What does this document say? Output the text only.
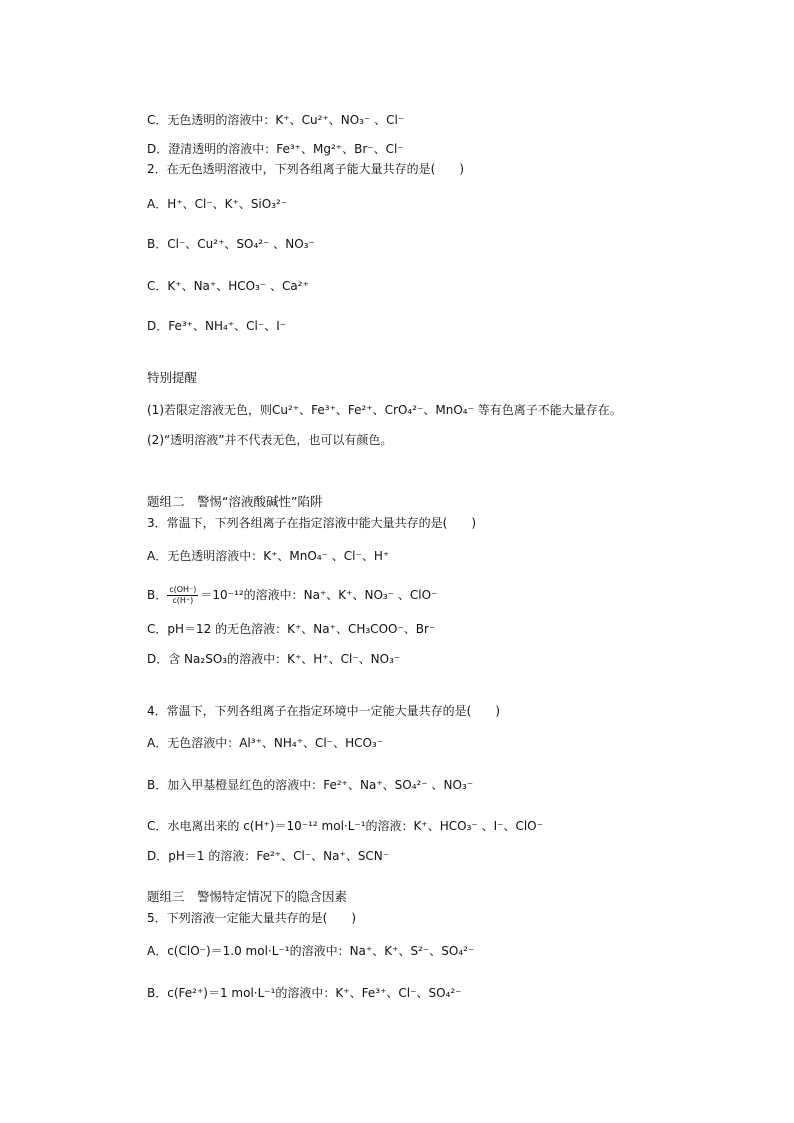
C．无色透明的溶液中：K⁺、Cu²⁺、NO₃⁻ 、Cl⁻
D．澄清透明的溶液中：Fe³⁺、Mg²⁺、Br⁻、Cl⁻
2．在无色透明溶液中，下列各组离子能大量共存的是(　　)
A．H⁺、Cl⁻、K⁺、SiO₃²⁻
B．Cl⁻、Cu²⁺、SO₄²⁻ 、NO₃⁻
C．K⁺、Na⁺、HCO₃⁻ 、Ca²⁺
D．Fe³⁺、NH₄⁺、Cl⁻、I⁻
特别提醒
(1)若限定溶液无色，则Cu²⁺、Fe³⁺、Fe²⁺、CrO₄²⁻、MnO₄⁻ 等有色离子不能大量存在。
(2)“透明溶液”并不代表无色，也可以有颜色。
题组二　警惕“溶液酸碱性”陷阱
3．常温下，下列各组离子在指定溶液中能大量共存的是(　　)
A．无色透明溶液中：K⁺、MnO₄⁻ 、Cl⁻、H⁺
B． $\frac{c(OH^-)}{c(H^+)} =10^{-12}$的溶液中：Na⁺、K⁺、NO₃⁻ 、ClO⁻
C．pH＝12 的无色溶液：K⁺、Na⁺、CH₃COO⁻、Br⁻
D．含 Na₂SO₃的溶液中：K⁺、H⁺、Cl⁻、NO₃⁻
4．常温下，下列各组离子在指定环境中一定能大量共存的是(　　)
A．无色溶液中：Al³⁺、NH₄⁺、Cl⁻、HCO₃⁻
B．加入甲基橙显红色的溶液中：Fe²⁺、Na⁺、SO₄²⁻ 、NO₃⁻
C．水电离出来的 c(H⁺)＝10⁻¹² mol·L⁻¹的溶液：K⁺、HCO₃⁻ 、I⁻、ClO⁻
D．pH＝1 的溶液：Fe²⁺、Cl⁻、Na⁺、SCN⁻
题组三　警惕特定情况下的隐含因素
5．下列溶液一定能大量共存的是(　　)
A．c(ClO⁻)＝1.0 mol·L⁻¹的溶液中：Na⁺、K⁺、S²⁻、SO₄²⁻
B．c(Fe²⁺)＝1 mol·L⁻¹的溶液中：K⁺、Fe³⁺、Cl⁻、SO₄²⁻
